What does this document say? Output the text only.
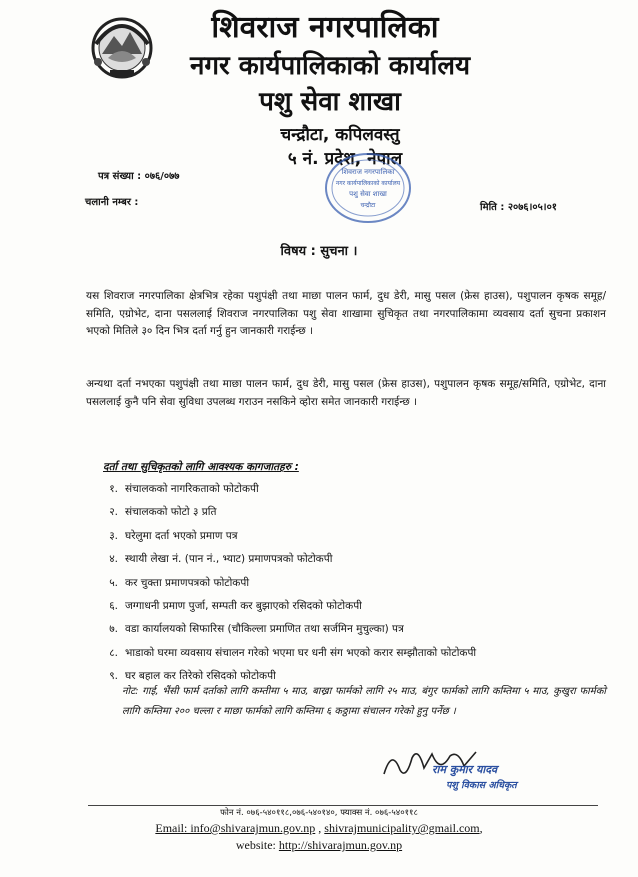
शिवराज नगरपालिका
नगर कार्यपालिकाको कार्यालय
पशु सेवा शाखा
चन्द्रौटा, कपिलवस्तु
५ नं. प्रदेश, नेपाल
पत्र संख्या : ०७६/०७७
चलानी नम्बर :	मिति : २०७६।०५।०१
शिवराज नगरपालिका
नगर कार्यपालिकाको कार्यालय
पशु सेवा शाखा
चन्द्रौटा
विषय : सुचना ।
यस शिवराज नगरपालिका क्षेत्रभित्र रहेका पशुपंक्षी तथा माछा पालन फार्म, दुध डेरी, मासु पसल (फ्रेस हाउस), पशुपालन कृषक समूह/समिति, एग्रोभेट, दाना पसललाई शिवराज नगरपालिका पशु सेवा शाखामा सुचिकृत तथा नगरपालिकामा व्यवसाय दर्ता सुचना प्रकाशन भएको मितिले ३० दिन भित्र दर्ता गर्नु हुन जानकारी गराईन्छ ।
अन्यथा दर्ता नभएका पशुपंक्षी तथा माछा पालन फार्म, दुध डेरी, मासु पसल (फ्रेस हाउस), पशुपालन कृषक समूह/समिति, एग्रोभेट, दाना पसललाई कुनै पनि सेवा सुविधा उपलब्ध गराउन नसकिने व्होरा समेत जानकारी गराईन्छ ।
दर्ता तथा सुचिकृतको लागि आवश्यक कागजातहरु :
१. संचालकको नागरिकताको फोटोकपी
२. संचालकको फोटो ३ प्रति
३. घरेलुमा दर्ता भएको प्रमाण पत्र
४. स्थायी लेखा नं. (पान नं., भ्याट) प्रमाणपत्रको फोटोकपी
५. कर चुक्ता प्रमाणपत्रको फोटोकपी
६. जग्गाधनी प्रमाण पुर्जा, सम्पती कर बुझाएको रसिदको फोटोकपी
७. वडा कार्यालयको सिफारिस (चौकिल्ला प्रमाणित तथा सर्जमिन मुचुल्का) पत्र
८. भाडाको घरमा व्यवसाय संचालन गरेको भएमा घर धनी संग भएको करार सम्झौताको फोटोकपी
९. घर बहाल कर तिरेको रसिदको फोटोकपी
नोट: गाई, भैंसी फार्म दर्ताको लागि कम्तीमा ५ माउ, बाख्रा फार्मको लागि २५ माउ, बंगुर फार्मको लागि कम्तिमा ५ माउ, कुखुरा फार्मको लागि कम्तिमा २०० चल्ला र माछा फार्मको लागि कम्तिमा ६ कठ्ठामा संचालन गरेको हुनु पर्नेछ ।
राम कुमार यादव
पशु विकास अधिकृत
फोन नं. ०७६-५४०११८,०७६-५४०१४०, फ्याक्स नं. ०७६-५४०११८
Email: info@shivarajmun.gov.np , shivrajmunicipality@gmail.com,
website: http://shivarajmun.gov.np
